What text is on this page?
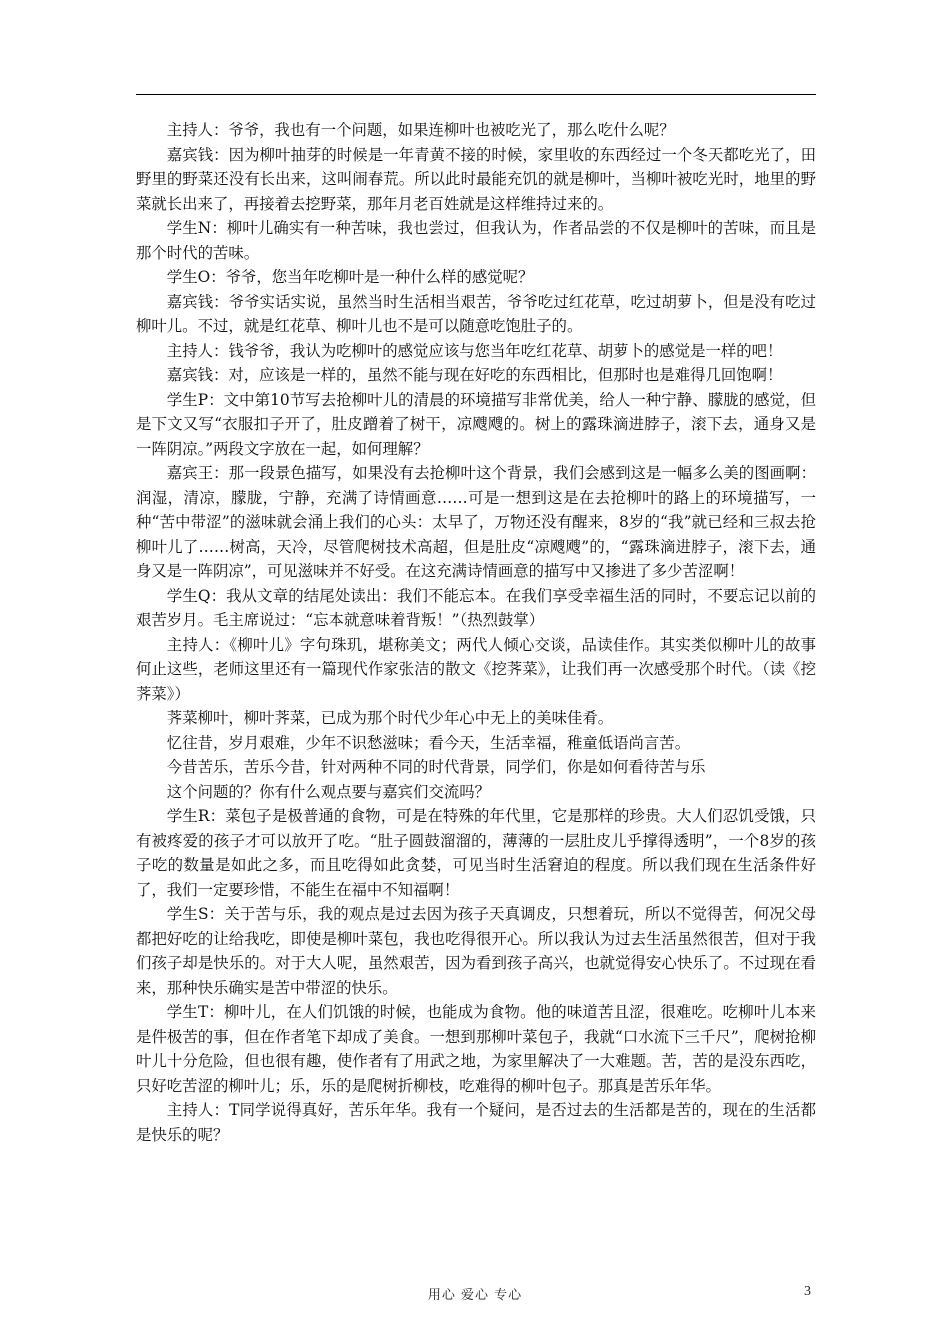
主持人：爷爷，我也有一个问题，如果连柳叶也被吃光了，那么吃什么呢？

嘉宾钱：因为柳叶抽芽的时候是一年青黄不接的时候，家里收的东西经过一个冬天都吃光了，田野里的野菜还没有长出来，这叫闹春荒。所以此时最能充饥的就是柳叶，当柳叶被吃光时，地里的野菜就长出来了，再接着去挖野菜，那年月老百姓就是这样维持过来的。

学生N：柳叶儿确实有一种苦味，我也尝过，但我认为，作者品尝的不仅是柳叶的苦味，而且是那个时代的苦味。

学生O：爷爷，您当年吃柳叶是一种什么样的感觉呢？

嘉宾钱：爷爷实话实说，虽然当时生活相当艰苦，爷爷吃过红花草，吃过胡萝卜，但是没有吃过柳叶儿。不过，就是红花草、柳叶儿也不是可以随意吃饱肚子的。

主持人：钱爷爷，我认为吃柳叶的感觉应该与您当年吃红花草、胡萝卜的感觉是一样的吧！

嘉宾钱：对，应该是一样的，虽然不能与现在好吃的东西相比，但那时也是难得几回饱啊！

学生P：文中第10节写去抢柳叶儿的清晨的环境描写非常优美，给人一种宁静、朦胧的感觉，但是下文又写“衣服扣子开了，肚皮蹭着了树干，凉飕飕的。树上的露珠滴进脖子，滚下去，通身又是一阵阴凉。”两段文字放在一起，如何理解？

嘉宾王：那一段景色描写，如果没有去抢柳叶这个背景，我们会感到这是一幅多么美的图画啊：润湿，清凉，朦胧，宁静，充满了诗情画意……可是一想到这是在去抢柳叶的路上的环境描写，一种“苦中带涩”的滋味就会涌上我们的心头：太早了，万物还没有醒来，8岁的“我”就已经和三叔去抢柳叶儿了……树高，天冷，尽管爬树技术高超，但是肚皮“凉飕飕”的，“露珠滴进脖子，滚下去，通身又是一阵阴凉”，可见滋味并不好受。在这充满诗情画意的描写中又掺进了多少苦涩啊！

学生Q：我从文章的结尾处读出：我们不能忘本。在我们享受幸福生活的同时，不要忘记以前的艰苦岁月。毛主席说过：“忘本就意味着背叛！”（热烈鼓掌）

主持人：《柳叶儿》字句珠玑，堪称美文；两代人倾心交谈，品读佳作。其实类似柳叶儿的故事何止这些，老师这里还有一篇现代作家张洁的散文《挖荠菜》，让我们再一次感受那个时代。（读《挖荠菜》）

荠菜柳叶，柳叶荠菜，已成为那个时代少年心中无上的美味佳肴。

忆往昔，岁月艰难，少年不识愁滋味；看今天，生活幸福，稚童低语尚言苦。

今昔苦乐，苦乐今昔，针对两种不同的时代背景，同学们，你是如何看待苦与乐

这个问题的？你有什么观点要与嘉宾们交流吗？

学生R：菜包子是极普通的食物，可是在特殊的年代里，它是那样的珍贵。大人们忍饥受饿，只有被疼爱的孩子才可以放开了吃。“肚子圆鼓溜溜的，薄薄的一层肚皮儿乎撑得透明”，一个8岁的孩子吃的数量是如此之多，而且吃得如此贪婪，可见当时生活窘迫的程度。所以我们现在生活条件好了，我们一定要珍惜，不能生在福中不知福啊！

学生S：关于苦与乐，我的观点是过去因为孩子天真调皮，只想着玩，所以不觉得苦，何况父母都把好吃的让给我吃，即使是柳叶菜包，我也吃得很开心。所以我认为过去生活虽然很苦，但对于我们孩子却是快乐的。对于大人呢，虽然艰苦，因为看到孩子高兴，也就觉得安心快乐了。不过现在看来，那种快乐确实是苦中带涩的快乐。

学生T：柳叶儿，在人们饥饿的时候，也能成为食物。他的味道苦且涩，很难吃。吃柳叶儿本来是件极苦的事，但在作者笔下却成了美食。一想到那柳叶菜包子，我就“口水流下三千尺”，爬树抢柳叶儿十分危险，但也很有趣，使作者有了用武之地，为家里解决了一大难题。苦，苦的是没东西吃，只好吃苦涩的柳叶儿；乐，乐的是爬树折柳枝，吃难得的柳叶包子。那真是苦乐年华。

主持人：T同学说得真好，苦乐年华。我有一个疑问，是否过去的生活都是苦的，现在的生活都是快乐的呢？

用心 爱心 专心	3
